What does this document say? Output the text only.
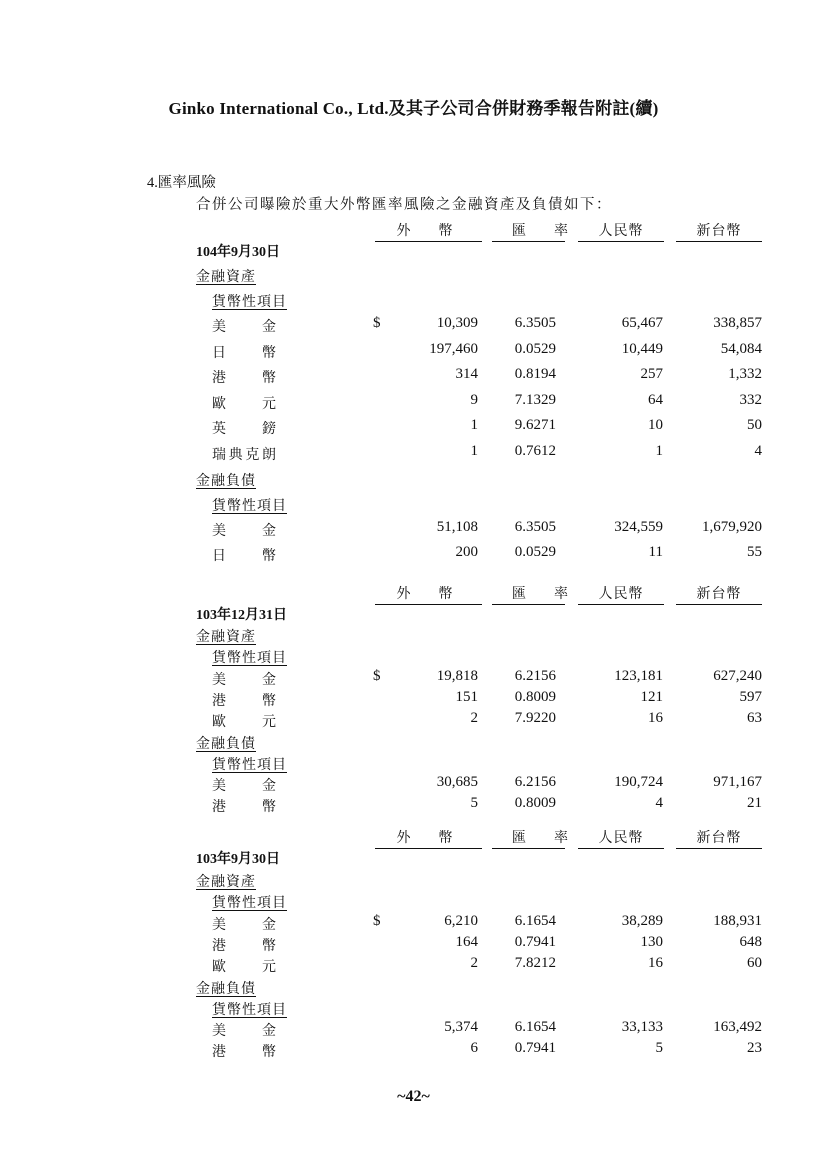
Ginko International Co., Ltd.及其子公司合併財務季報告附註(續)
4.匯率風險
合併公司曝險於重大外幣匯率風險之金融資產及負債如下：
外幣	匯率 人民幣	新台幣
104年9月30日
金融資產
貨幣性項目
美金	$	10,309	6.3505	65,467	338,857
日幣	197,460	0.0529	10,449	54,084
港幣	314	0.8194	257	1,332
歐元	9	7.1329	64	332
英鎊	1	9.6271	10	50
瑞典克朗	1	0.7612	1	4
金融負債
貨幣性項目
美金	51,108	6.3505	324,559	1,679,920
日幣	200	0.0529	11	55
外幣	匯率 人民幣	新台幣
103年12月31日
金融資產
貨幣性項目
美金	$	19,818	6.2156	123,181	627,240
港幣	151	0.8009	121	597
歐元	2	7.9220	16	63
金融負債
貨幣性項目
美金	30,685	6.2156	190,724	971,167
港幣	5	0.8009	4	21
外幣	匯率 人民幣	新台幣
103年9月30日
金融資產
貨幣性項目
美金	$	6,210	6.1654	38,289	188,931
港幣	164	0.7941	130	648
歐元	2	7.8212	16	60
金融負債
貨幣性項目
美金	5,374	6.1654	33,133	163,492
港幣	6	0.7941	5	23
~42~
